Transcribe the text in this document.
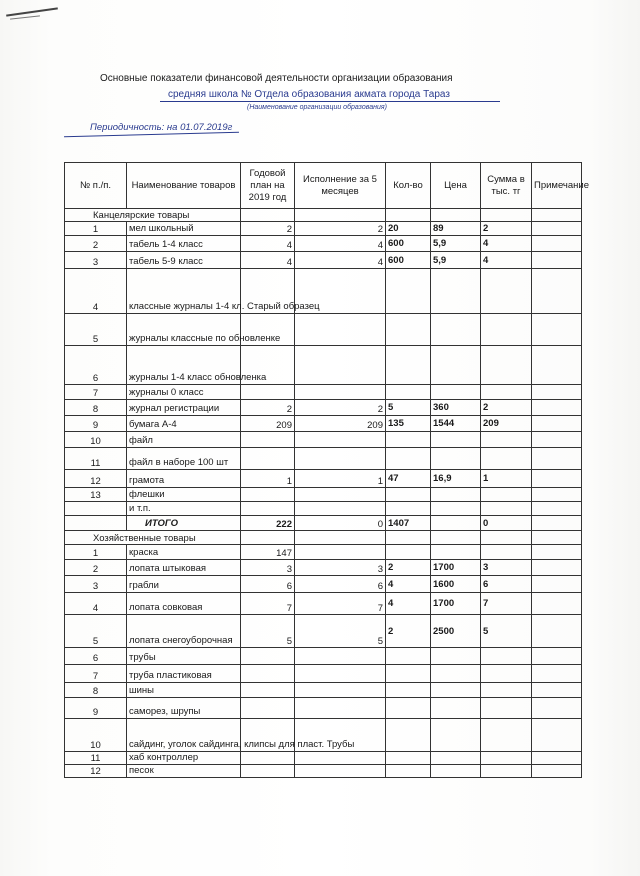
Основные показатели финансовой деятельности организации образования
средняя школа № Отдела образования акмата города Тараз
(Наименование организации образования)
Периодичность: на 01.07.2019г
№ п./п.	Наименование товаров	Годовой план на 2019 год	Исполнение за 5 месяцев	Кол-во	Цена	Сумма в тыс. тг	Примечание
Канцелярские товары							
1	мел школьный	2	2	20	89	2	
2	табель 1-4 класс	4	4	600	5,9	4	
3	табель 5-9 класс	4	4	600	5,9	4	
4	классные журналы 1-4 кл. Старый образец						
5	журналы классные по обновленке						
6	журналы 1-4 класс обновленка						
7	журналы 0 класс						
8	журнал регистрации	2	2	5	360	2	
9	бумага А-4	209	209	135	1544	209	
10	файл						
11	файл в наборе 100 шт						
12	грамота	1	1	47	16,9	1	
13	флешки						
	и т.п.						
	ИТОГО	222	0	1407		0	
Хозяйственные товары							
1	краска	147					
2	лопата штыковая	3	3	2	1700	3	
3	грабли	6	6	4	1600	6	
4	лопата совковая	7	7	4	1700	7	
5	лопата снегоуборочная	5	5	2	2500	5	
6	трубы						
7	труба пластиковая						
8	шины						
9	саморез, шрупы						
10	сайдинг, уголок сайдинга, клипсы для пласт. Трубы						
11	хаб контроллер						
12	песок						
